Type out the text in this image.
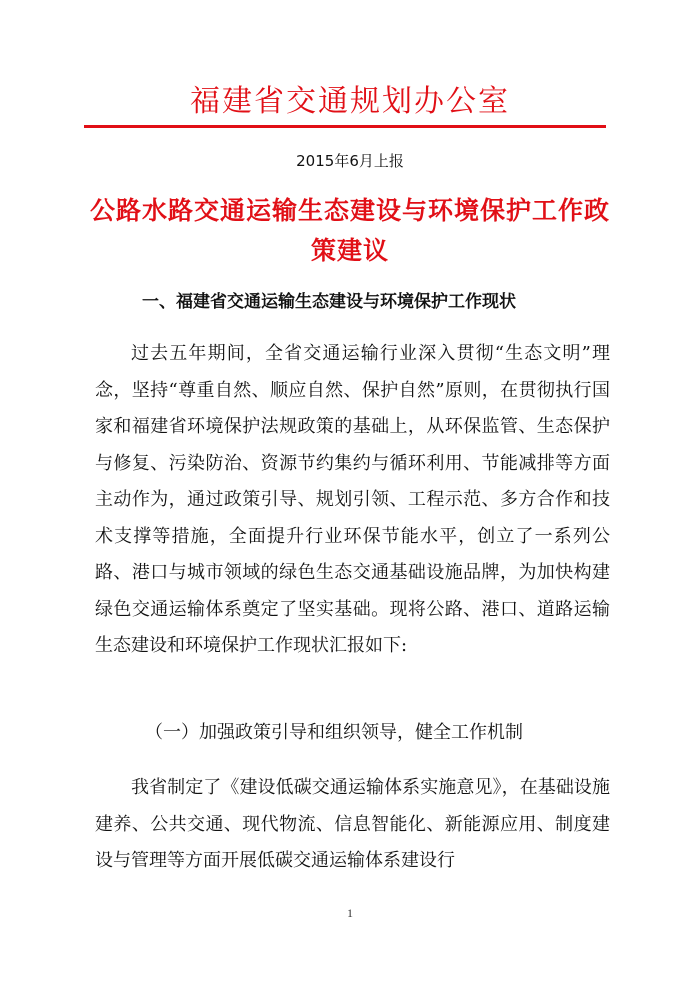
福建省交通规划办公室
2015年6月上报
公路水路交通运输生态建设与环境保护工作政策建议
一、福建省交通运输生态建设与环境保护工作现状

过去五年期间，全省交通运输行业深入贯彻“生态文明”理念，坚持“尊重自然、顺应自然、保护自然”原则，在贯彻执行国家和福建省环境保护法规政策的基础上，从环保监管、生态保护与修复、污染防治、资源节约集约与循环利用、节能减排等方面主动作为，通过政策引导、规划引领、工程示范、多方合作和技术支撑等措施，全面提升行业环保节能水平，创立了一系列公路、港口与城市领域的绿色生态交通基础设施品牌，为加快构建绿色交通运输体系奠定了坚实基础。现将公路、港口、道路运输生态建设和环境保护工作现状汇报如下:

（一）加强政策引导和组织领导，健全工作机制

我省制定了《建设低碳交通运输体系实施意见》，在基础设施建养、公共交通、现代物流、信息智能化、新能源应用、制度建设与管理等方面开展低碳交通运输体系建设行

1
